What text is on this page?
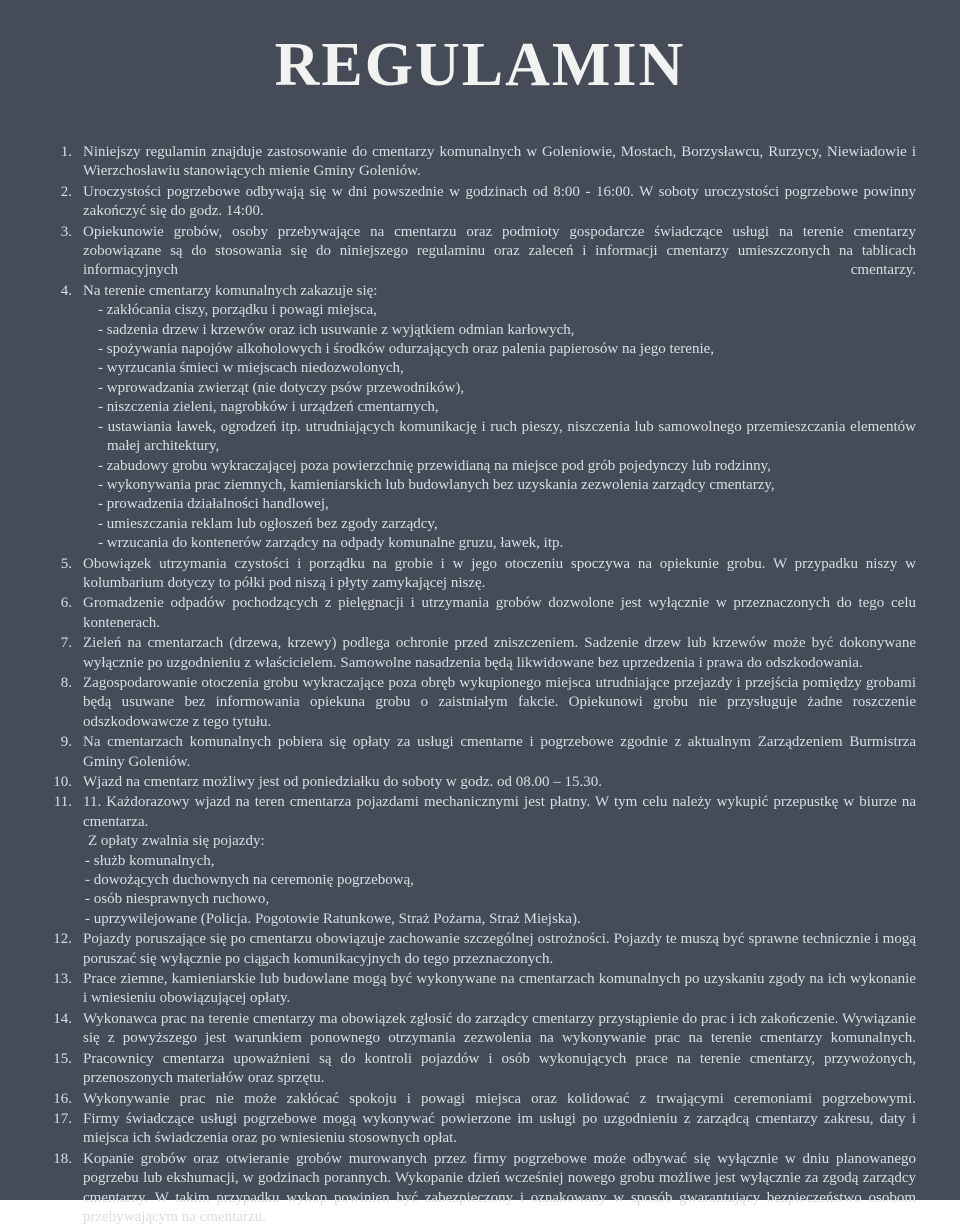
REGULAMIN
1. Niniejszy regulamin znajduje zastosowanie do cmentarzy komunalnych w Goleniowie, Mostach, Borzysławcu, Rurzycy, Niewiadowie i Wierzchosławiu stanowiących mienie Gminy Goleniów.
2. Uroczystości pogrzebowe odbywają się w dni powszednie w godzinach od 8:00 - 16:00. W soboty uroczystości pogrzebowe powinny zakończyć się do godz. 14:00.
3. Opiekunowie grobów, osoby przebywające na cmentarzu oraz podmioty gospodarcze świadczące usługi na terenie cmentarzy zobowiązane są do stosowania się do niniejszego regulaminu oraz zaleceń i informacji cmentarzy umieszczonych na tablicach informacyjnych cmentarzy.
4. Na terenie cmentarzy komunalnych zakazuje się:
- zakłócania ciszy, porządku i powagi miejsca,
- sadzenia drzew i krzewów oraz ich usuwanie z wyjątkiem odmian karłowych,
- spożywania napojów alkoholowych i środków odurzających oraz palenia papierosów na jego terenie,
- wyrzucania śmieci w miejscach niedozwolonych,
- wprowadzania zwierząt (nie dotyczy psów przewodników),
- niszczenia zieleni, nagrobków i urządzeń cmentarnych,
- ustawiania ławek, ogrodzeń itp. utrudniających komunikację i ruch pieszy, niszczenia lub samowolnego przemieszczania elementów małej architektury,
- zabudowy grobu wykraczającej poza powierzchnię przewidianą na miejsce pod grób pojedynczy lub rodzinny,
- wykonywania prac ziemnych, kamieniarskich lub budowlanych bez uzyskania zezwolenia zarządcy cmentarzy,
- prowadzenia działalności handlowej,
- umieszczania reklam lub ogłoszeń bez zgody zarządcy,
- wrzucania do kontenerów zarządcy na odpady komunalne gruzu, ławek, itp.
5. Obowiązek utrzymania czystości i porządku na grobie i w jego otoczeniu spoczywa na opiekunie grobu. W przypadku niszy w kolumbarium dotyczy to półki pod niszą i płyty zamykającej niszę.
6. Gromadzenie odpadów pochodzących z pielęgnacji i utrzymania grobów dozwolone jest wyłącznie w przeznaczonych do tego celu kontenerach.
7. Zieleń na cmentarzach (drzewa, krzewy) podlega ochronie przed zniszczeniem. Sadzenie drzew lub krzewów może być dokonywane wyłącznie po uzgodnieniu z właścicielem. Samowolne nasadzenia będą likwidowane bez uprzedzenia i prawa do odszkodowania.
8. Zagospodarowanie otoczenia grobu wykraczające poza obręb wykupionego miejsca utrudniające przejazdy i przejścia pomiędzy grobami będą usuwane bez informowania opiekuna grobu o zaistniałym fakcie. Opiekunowi grobu nie przysługuje żadne roszczenie odszkodowawcze z tego tytułu.
9. Na cmentarzach komunalnych pobiera się opłaty za usługi cmentarne i pogrzebowe zgodnie z aktualnym Zarządzeniem Burmistrza Gminy Goleniów.
10. Wjazd na cmentarz możliwy jest od poniedziałku do soboty w godz. od 08.00 – 15.30.
11. 11. Każdorazowy wjazd na teren cmentarza pojazdami mechanicznymi jest płatny. W tym celu należy wykupić przepustkę w biurze na cmentarza.
Z opłaty zwalnia się pojazdy:
- służb komunalnych,
- dowożących duchownych na ceremonię pogrzebową,
- osób niesprawnych ruchowo,
- uprzywilejowane (Policja. Pogotowie Ratunkowe, Straż Pożarna, Straż Miejska).
12. Pojazdy poruszające się po cmentarzu obowiązuje zachowanie szczególnej ostrożności. Pojazdy te muszą być sprawne technicznie i mogą poruszać się wyłącznie po ciągach komunikacyjnych do tego przeznaczonych.
13. Prace ziemne, kamieniarskie lub budowlane mogą być wykonywane na cmentarzach komunalnych po uzyskaniu zgody na ich wykonanie i wniesieniu obowiązującej opłaty.
14. Wykonawca prac na terenie cmentarzy ma obowiązek zgłosić do zarządcy cmentarzy przystąpienie do prac i ich zakończenie. Wywiązanie się z powyższego jest warunkiem ponownego otrzymania zezwolenia na wykonywanie prac na terenie cmentarzy komunalnych.
15. Pracownicy cmentarza upoważnieni są do kontroli pojazdów i osób wykonujących prace na terenie cmentarzy, przywożonych, przenoszonych materiałów oraz sprzętu.
16. Wykonywanie prac nie może zakłócać spokoju i powagi miejsca oraz kolidować z trwającymi ceremoniami pogrzebowymi.
17. Firmy świadczące usługi pogrzebowe mogą wykonywać powierzone im usługi po uzgodnieniu z zarządcą cmentarzy zakresu, daty i miejsca ich świadczenia oraz po wniesieniu stosownych opłat.
18. Kopanie grobów oraz otwieranie grobów murowanych przez firmy pogrzebowe może odbywać się wyłącznie w dniu planowanego pogrzebu lub ekshumacji, w godzinach porannych. Wykopanie dzień wcześniej nowego grobu możliwe jest wyłącznie za zgodą zarządcy cmentarzy. W takim przypadku wykop powinien być zabezpieczony i oznakowany w sposób gwarantujący bezpieczeństwo osobom przebywającym na cmentarzu.
